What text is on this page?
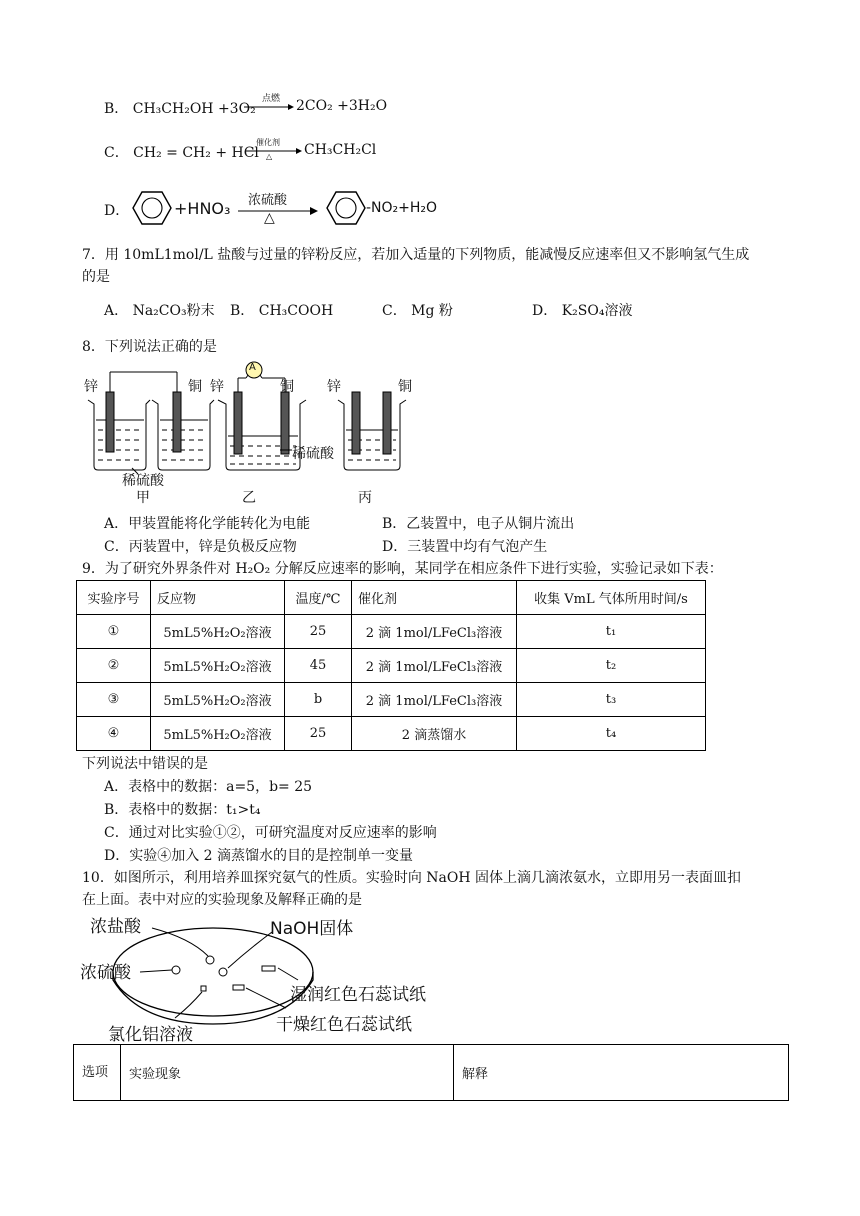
B． CH₃CH₂OH +3O₂
点燃 2CO₂ +3H₂O
C． CH₂ = CH₂ + HCl
催化剂
△ CH₃CH₂Cl
D．	+HNO₃ 浓硫酸
△
-NO₂+H₂O
7．用 10mL1mol/L 盐酸与过量的锌粉反应，若加入适量的下列物质，能减慢反应速率但又不影响氢气生成
的是
A． Na₂CO₃粉末 B． CH₃COOH	C． Mg 粉	D． K₂SO₄溶液
8．下列说法正确的是
锌	铜 锌	铜
A
锌	铜
稀硫酸
稀硫酸
甲	乙	丙
A．甲装置能将化学能转化为电能	B．乙装置中，电子从铜片流出
C．丙装置中，锌是负极反应物	D．三装置中均有气泡产生
9．为了研究外界条件对 H₂O₂ 分解反应速率的影响，某同学在相应条件下进行实验，实验记录如下表：
实验序号	反应物	温度/℃	催化剂	收集 VmL 气体所用时间/s
①	5mL5%H₂O₂溶液	25	2 滴 1mol/LFeCl₃溶液	t₁
②	5mL5%H₂O₂溶液	45	2 滴 1mol/LFeCl₃溶液	t₂
③	5mL5%H₂O₂溶液	b	2 滴 1mol/LFeCl₃溶液	t₃
④	5mL5%H₂O₂溶液	25	2 滴蒸馏水	t₄
下列说法中错误的是
A．表格中的数据：a=5，b= 25
B．表格中的数据：t₁>t₄
C．通过对比实验①②，可研究温度对反应速率的影响
D．实验④加入 2 滴蒸馏水的目的是控制单一变量
10．如图所示，利用培养皿探究氨气的性质。实验时向 NaOH 固体上滴几滴浓氨水，立即用另一表面皿扣
在上面。表中对应的实验现象及解释正确的是
浓盐酸	NaOH固体
浓硫酸
湿润红色石蕊试纸
干燥红色石蕊试纸
氯化铝溶液
选项	实验现象	解释
